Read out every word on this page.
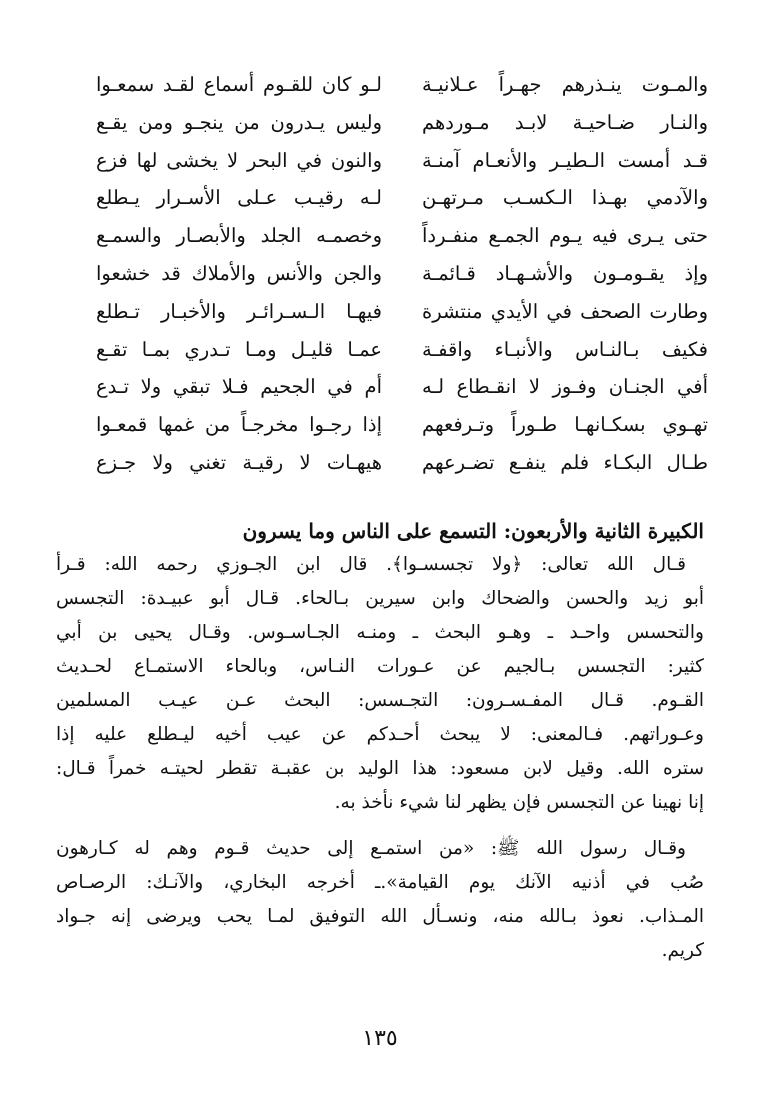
والمـوت ينـذرهم جهـراً عـلانيـة
والنـار ضـاحيـة لابـد مـوردهم
قـد أمست الـطيـر والأنعـام آمنـة
والآدمي بهـذا الـكسـب مـرتهـن
حتى يـرى فيه يـوم الجمـع منفـرداً
وإذ يقـومـون والأشـهـاد قـائمـة
وطارت الصحف في الأيدي منتشرة
فكيف بـالنـاس والأنبـاء واقفـة
أفي الجنـان وفـوز لا انقـطاع لـه
تهـوي بسكـانهـا طـوراً وتـرفعهم
طـال البكـاء فلم ينفـع تضـرعهم
لـو كان للقـوم أسماع لقـد سمعـوا
وليس يـدرون من ينجـو ومن يقـع
والنون في البحر لا يخشى لها فزع
لـه رقيـب عـلى الأسـرار يـطلع
وخصمـه الجلد والأبصـار والسمـع
والجن والأنس والأملاك قد خشعوا
فيهـا الـسـرائـر والأخبـار تـطلع
عمـا قليـل ومـا تـدري بمـا تقـع
أم في الجحيم فـلا تبقي ولا تـدع
إذا رجـوا مخرجـاً من غمها قمعـوا
هيهـات لا رقيـة تغني ولا جـزع
الكبيرة الثانية والأربعون: التسمع على الناس وما يسرون
قـال الله تعالى: ﴿ولا تجسسـوا﴾. قال ابن الجـوزي رحمه الله: قـرأ
أبو زيد والحسن والضحاك وابن سيرين بـالحاء. قـال أبو عبيـدة: التجسس
والتحسس واحـد ـ وهـو البحث ـ ومنـه الجـاسـوس. وقـال يحيى بن أبي
كثير: التجسس بـالجيم عن عـورات النـاس، وبالحاء الاستمـاع لحـديث
القـوم. قـال المفـسـرون: التجـسس: البحث عـن عيـب المسلمين
وعـوراتهم. فـالمعنى: لا يبحث أحـدكم عن عيب أخيه ليـطلع عليه إذا
ستره الله. وقيل لابن مسعود: هذا الوليد بن عقبـة تقطر لحيتـه خمراً قـال:
إنا نهينا عن التجسس فإن يظهر لنا شيء نأخذ به.
وقـال رسول الله ﷺ: «من استمـع إلى حديث قـوم وهم له كـارهون
صُب في أذنيه الآنك يوم القيامة».ـ أخرجه البخاري، والآنـك: الرصـاص
المـذاب. نعوذ بـالله منه، ونسـأل الله التوفيق لمـا يحب ويرضى إنه جـواد
كريم.
١٣٥
